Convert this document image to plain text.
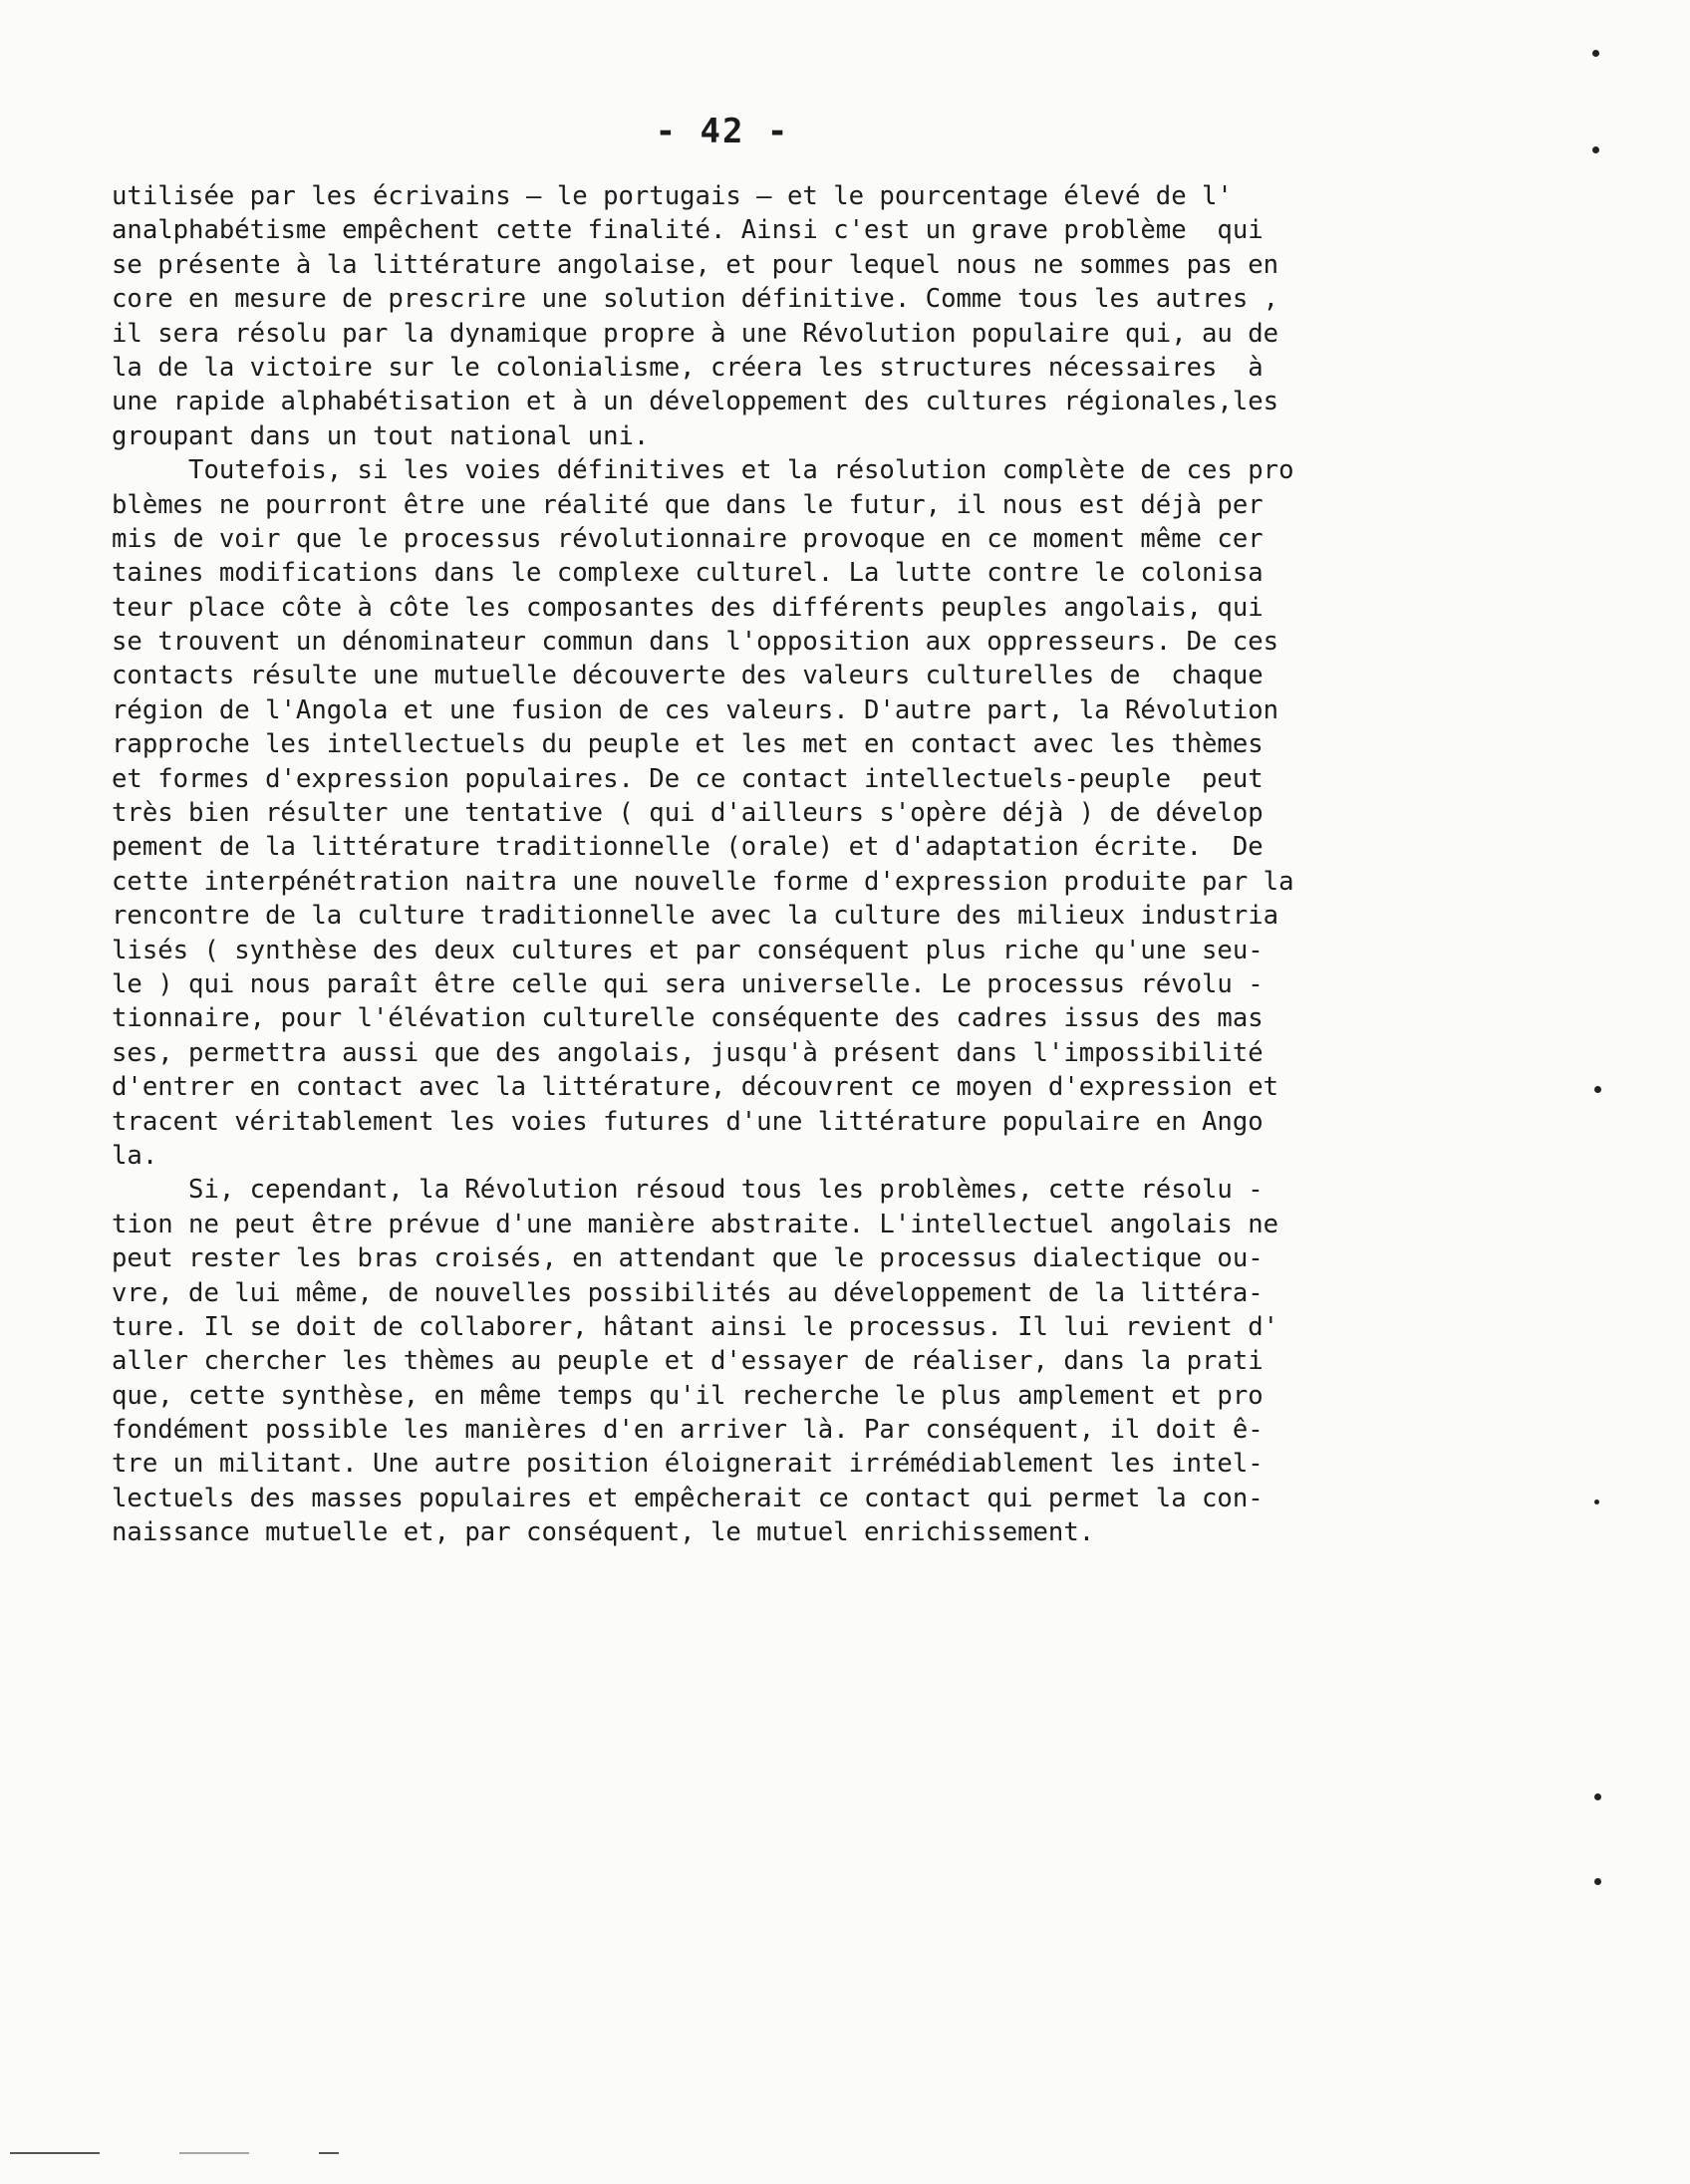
- 42 -
utilisée par les écrivains — le portugais — et le pourcentage élevé de l'
analphabétisme empêchent cette finalité. Ainsi c'est un grave problème  qui
se présente à la littérature angolaise, et pour lequel nous ne sommes pas en
core en mesure de prescrire une solution définitive. Comme tous les autres ,
il sera résolu par la dynamique propre à une Révolution populaire qui, au de
la de la victoire sur le colonialisme, créera les structures nécessaires  à
une rapide alphabétisation et à un développement des cultures régionales,les
groupant dans un tout national uni.
Toutefois, si les voies définitives et la résolution complète de ces pro
blèmes ne pourront être une réalité que dans le futur, il nous est déjà per
mis de voir que le processus révolutionnaire provoque en ce moment même cer
taines modifications dans le complexe culturel. La lutte contre le colonisa
teur place côte à côte les composantes des différents peuples angolais, qui
se trouvent un dénominateur commun dans l'opposition aux oppresseurs. De ces
contacts résulte une mutuelle découverte des valeurs culturelles de  chaque
région de l'Angola et une fusion de ces valeurs. D'autre part, la Révolution
rapproche les intellectuels du peuple et les met en contact avec les thèmes
et formes d'expression populaires. De ce contact intellectuels-peuple  peut
très bien résulter une tentative ( qui d'ailleurs s'opère déjà ) de dévelop
pement de la littérature traditionnelle (orale) et d'adaptation écrite.  De
cette interpénétration naitra une nouvelle forme d'expression produite par la
rencontre de la culture traditionnelle avec la culture des milieux industria
lisés ( synthèse des deux cultures et par conséquent plus riche qu'une seu-
le ) qui nous paraît être celle qui sera universelle. Le processus révolu -
tionnaire, pour l'élévation culturelle conséquente des cadres issus des mas
ses, permettra aussi que des angolais, jusqu'à présent dans l'impossibilité
d'entrer en contact avec la littérature, découvrent ce moyen d'expression et
tracent véritablement les voies futures d'une littérature populaire en Ango
la.
Si, cependant, la Révolution résoud tous les problèmes, cette résolu -
tion ne peut être prévue d'une manière abstraite. L'intellectuel angolais ne
peut rester les bras croisés, en attendant que le processus dialectique ou-
vre, de lui même, de nouvelles possibilités au développement de la littéra-
ture. Il se doit de collaborer, hâtant ainsi le processus. Il lui revient d'
aller chercher les thèmes au peuple et d'essayer de réaliser, dans la prati
que, cette synthèse, en même temps qu'il recherche le plus amplement et pro
fondément possible les manières d'en arriver là. Par conséquent, il doit ê-
tre un militant. Une autre position éloignerait irrémédiablement les intel-
lectuels des masses populaires et empêcherait ce contact qui permet la con-
naissance mutuelle et, par conséquent, le mutuel enrichissement.
